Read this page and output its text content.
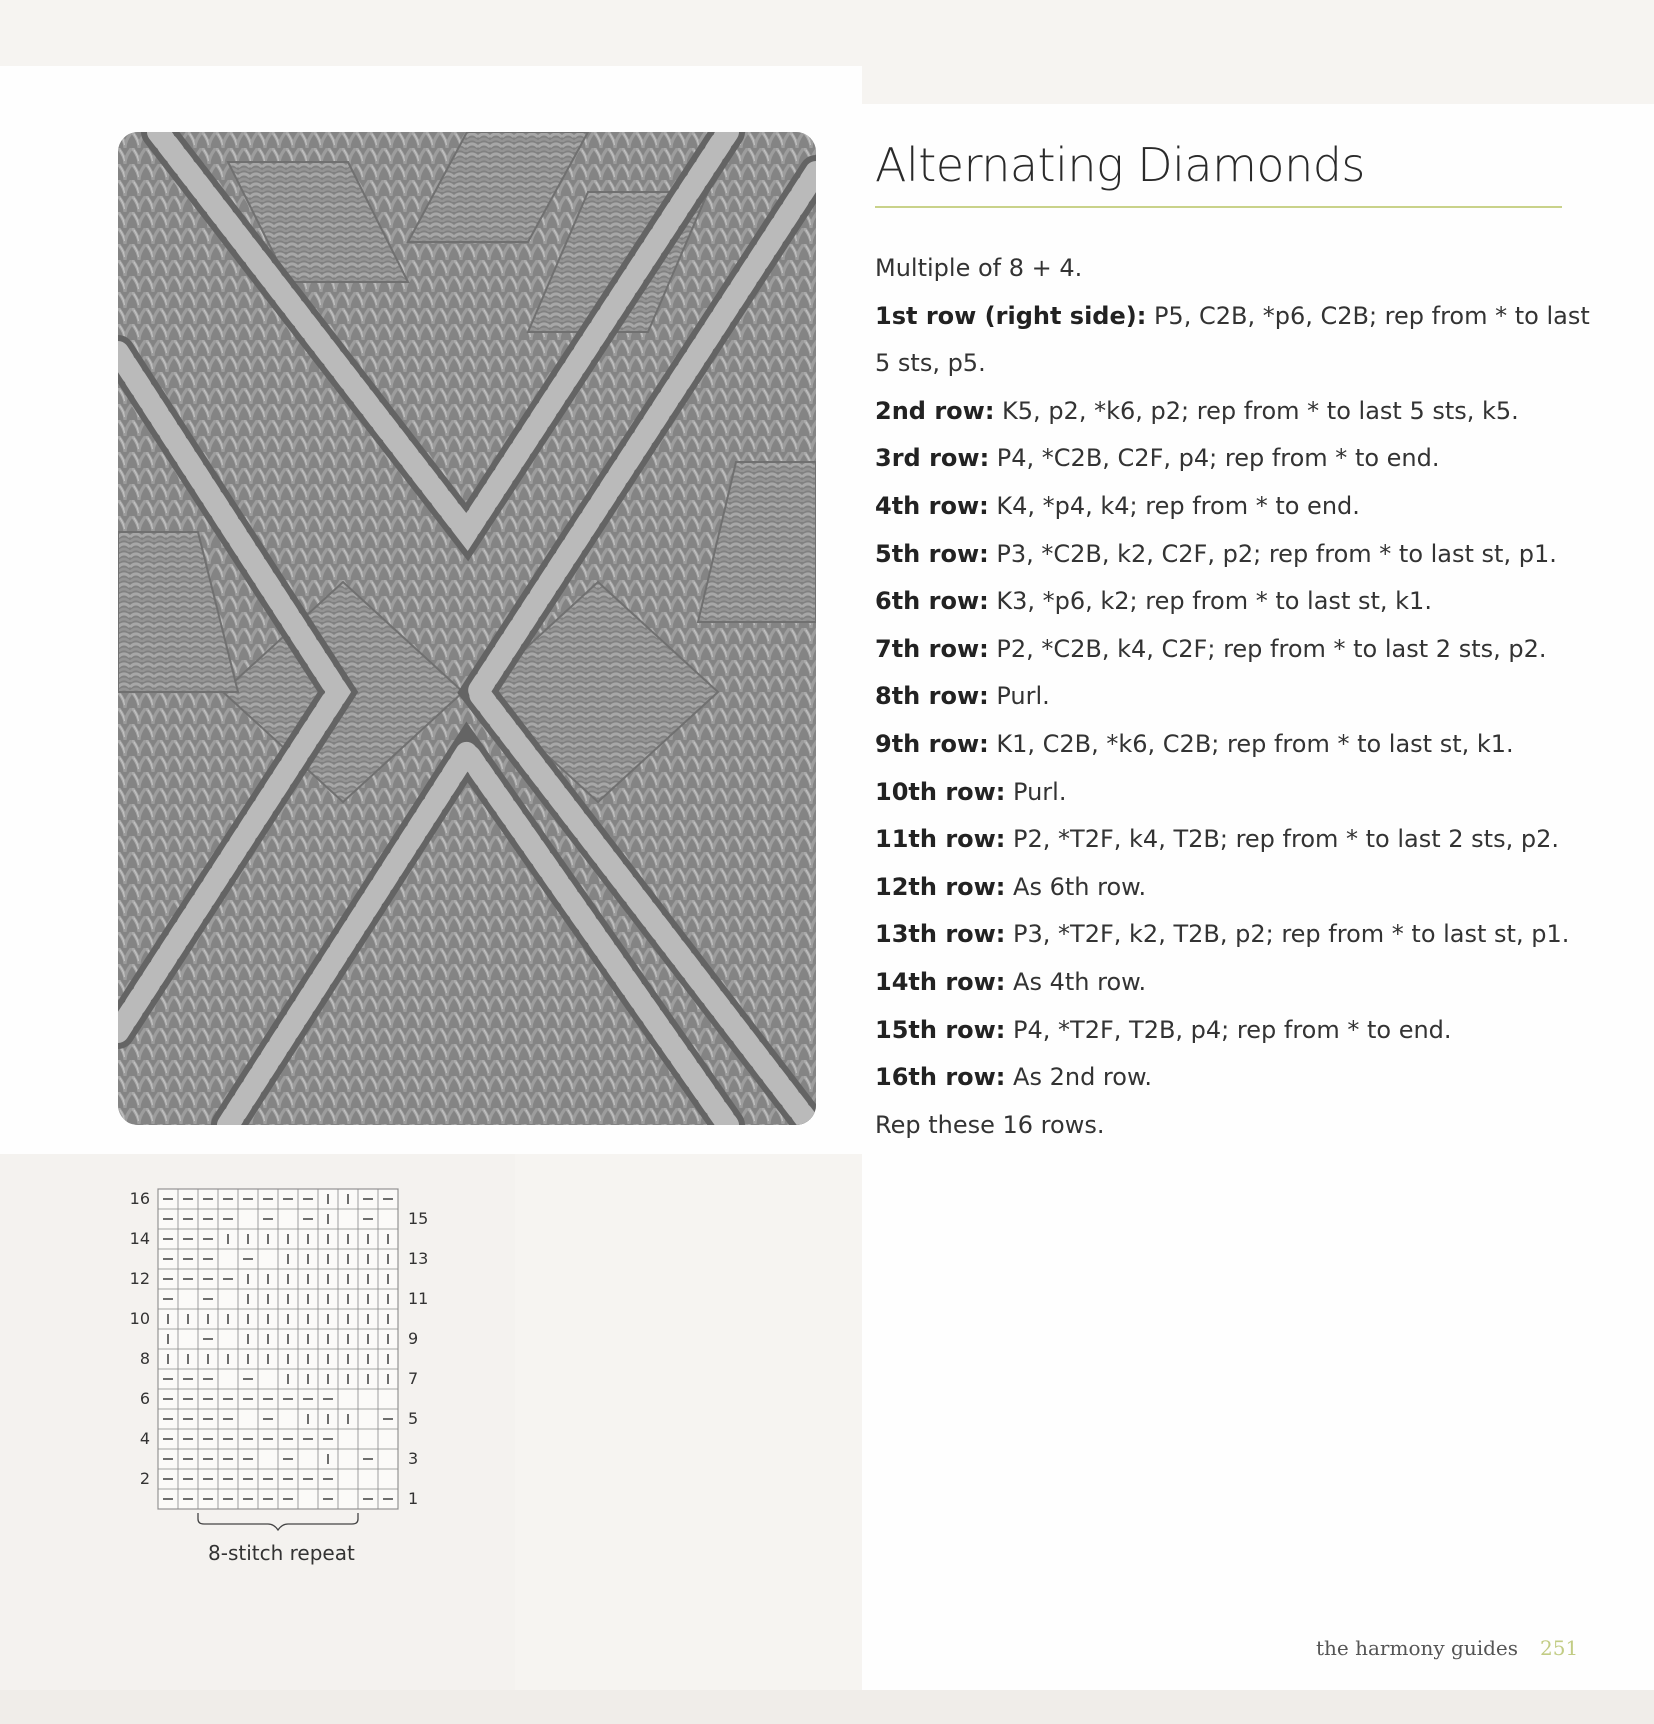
Alternating Diamonds

Multiple of 8 + 4.

1st row (right side): P5, C2B, *p6, C2B; rep from * to last

5 sts, p5.

2nd row: K5, p2, *k6, p2; rep from * to last 5 sts, k5.

3rd row: P4, *C2B, C2F, p4; rep from * to end.

4th row: K4, *p4, k4; rep from * to end.

5th row: P3, *C2B, k2, C2F, p2; rep from * to last st, p1.

6th row: K3, *p6, k2; rep from * to last st, k1.

7th row: P2, *C2B, k4, C2F; rep from * to last 2 sts, p2.

8th row: Purl.

9th row: K1, C2B, *k6, C2B; rep from * to last st, k1.

10th row: Purl.

11th row: P2, *T2F, k4, T2B; rep from * to last 2 sts, p2.

12th row: As 6th row.

13th row: P3, *T2F, k2, T2B, p2; rep from * to last st, p1.

14th row: As 4th row.

15th row: P4, *T2F, T2B, p4; rep from * to end.

16th row: As 2nd row.

Rep these 16 rows.

16
14
12
10
8
6
4
2
15
13
11
9
7
5
3
1
8-stitch repeat
the harmony guides 251
